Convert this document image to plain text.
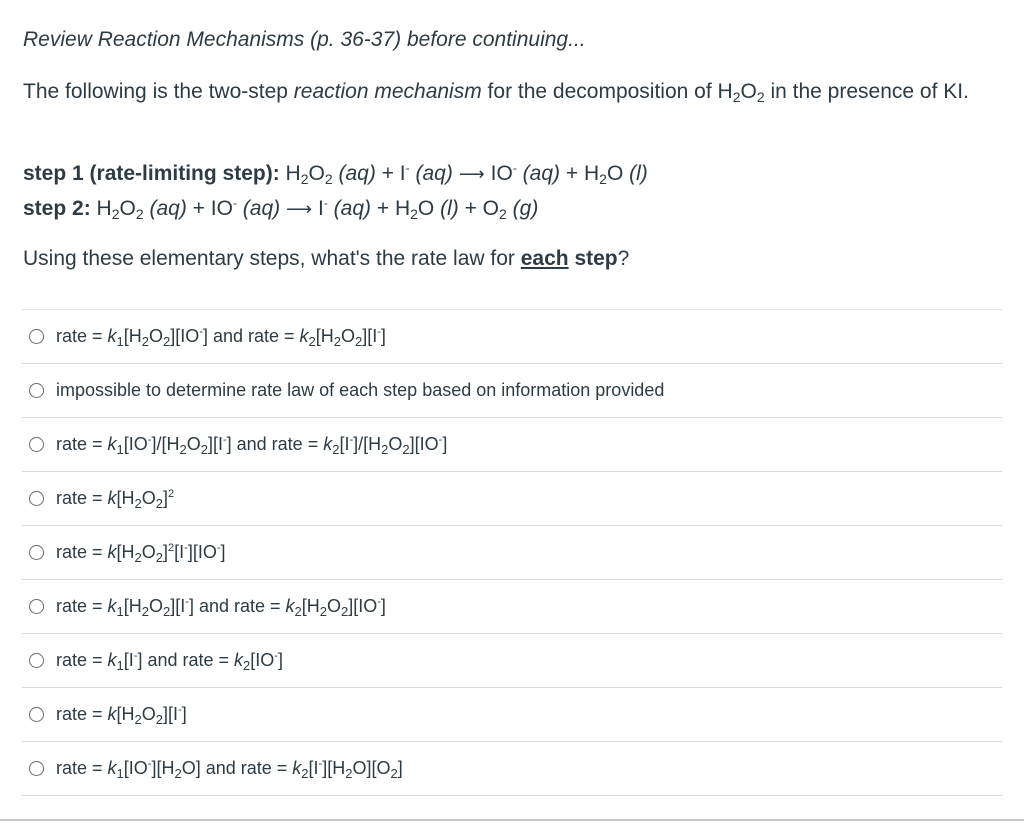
Review Reaction Mechanisms (p. 36-37) before continuing...
The following is the two-step reaction mechanism for the decomposition of $H_2O_2$ in the presence of KI.
step 1 (rate-limiting step): $H_2O_2$ (aq) + I- (aq) ⟶ IO- $(aq) + H_2O$ (l)
step 2: $H_2O_2$ (aq) + IO- (aq) ⟶ I- $(aq) + H_2O$ $(l) + O_2$ (g)
Using these elementary steps, what's the rate law for each step?
rate = $k_1[H_2O_2][IO^-]$ and rate = $k_2[H_2O_2][I^-]$
impossible to determine rate law of each step based on information provided
rate = $k_1[IO^-]/[H_2O_2][I^-]$ and rate = $k_2[I^-]/[H_2O_2][IO^-]$
rate = $k[H_2O_2]^2$
rate = $k[H_2O_2]^2[I^-][IO^-]$
rate = $k_1[H_2O_2][I^-]$ and rate = $k_2[H_2O_2][IO^-]$
rate = $k_1[I^-]$ and rate = $k_2[IO^-]$
rate = $k[H_2O_2][I^-]$
rate = $k_1[IO^-][H_2O]$ and rate = $k_2[I^-][H_2O][O_2]$
